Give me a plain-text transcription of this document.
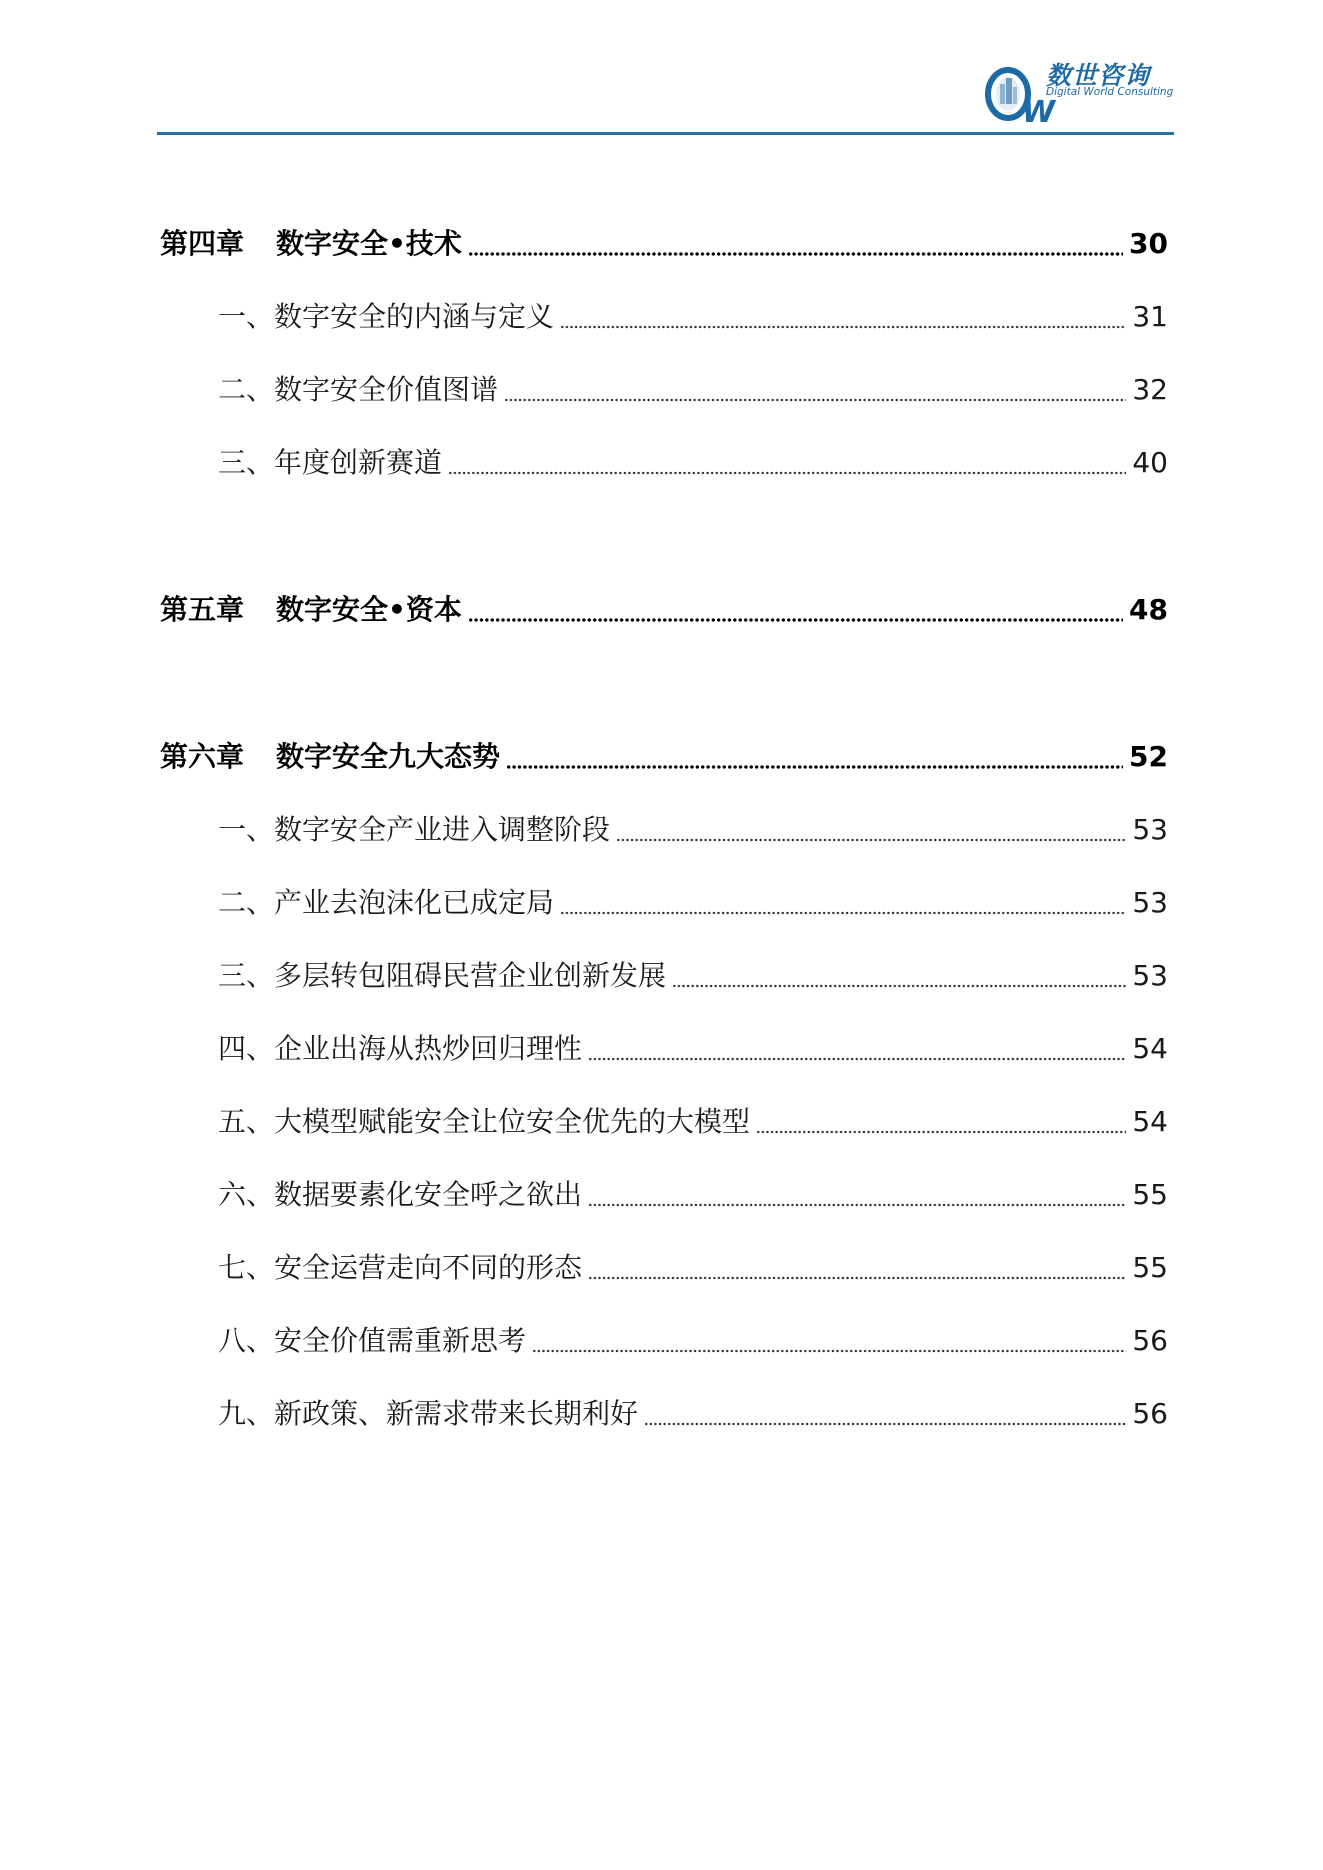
W
数世咨询
Digital World Consulting
第四章	数字安全•技术	30
一、数字安全的内涵与定义	31
二、数字安全价值图谱	32
三、年度创新赛道	40
第五章	数字安全•资本	48
第六章	数字安全九大态势	52
一、数字安全产业进入调整阶段	53
二、产业去泡沫化已成定局	53
三、多层转包阻碍民营企业创新发展	53
四、企业出海从热炒回归理性	54
五、大模型赋能安全让位安全优先的大模型	54
六、数据要素化安全呼之欲出	55
七、安全运营走向不同的形态	55
八、安全价值需重新思考	56
九、新政策、新需求带来长期利好	56
